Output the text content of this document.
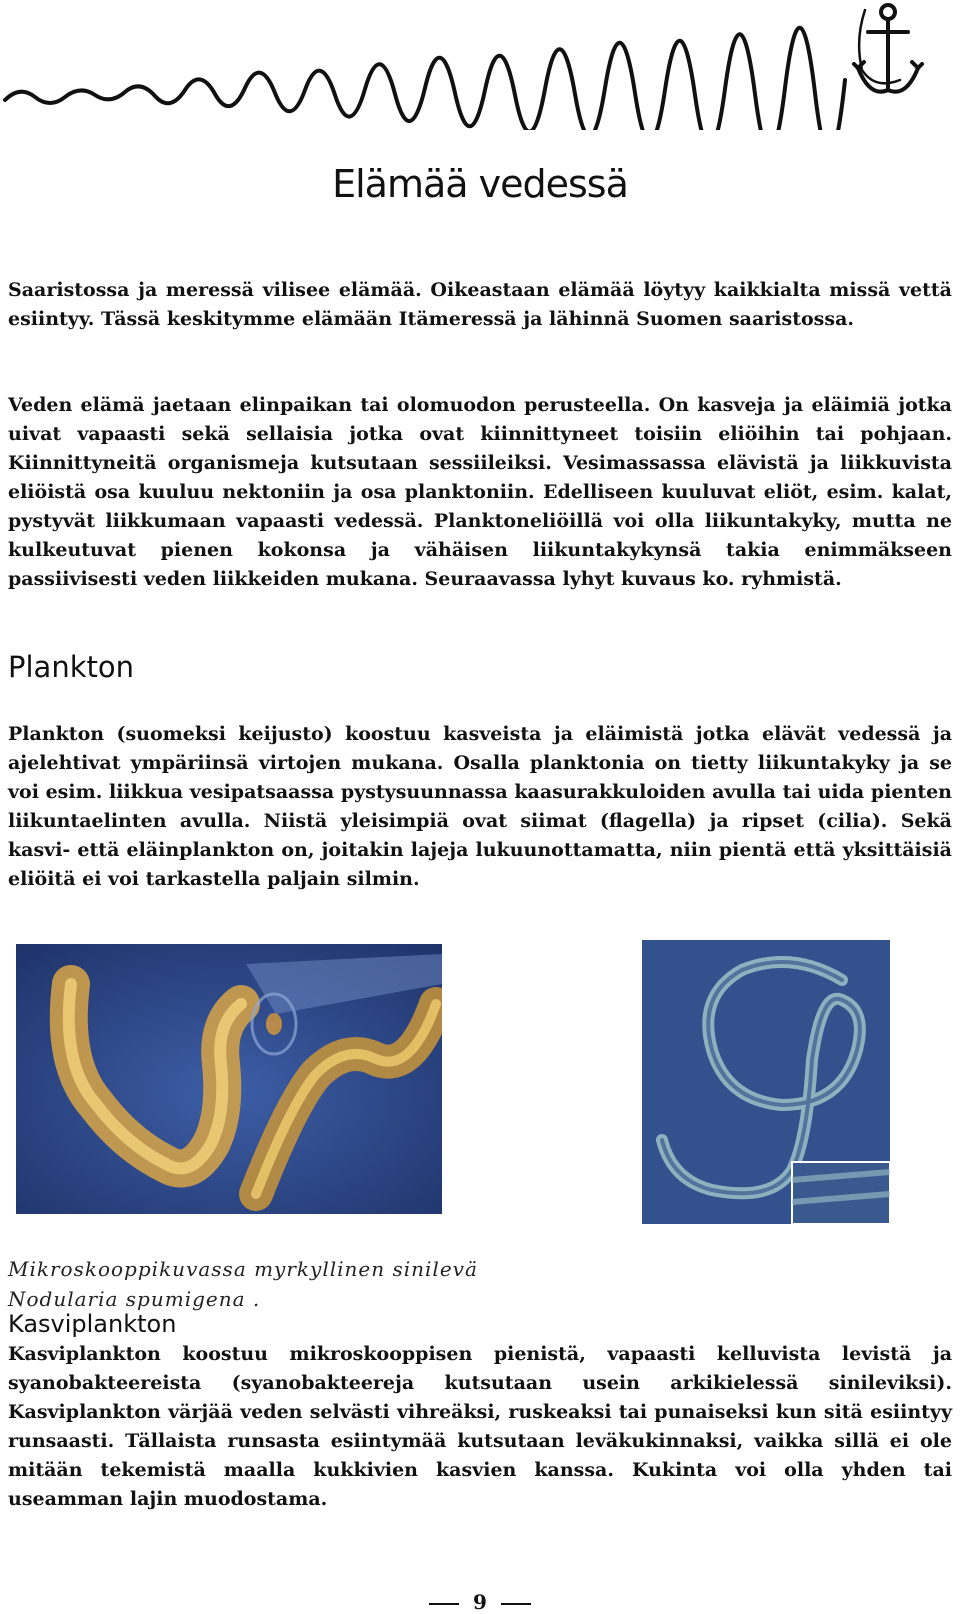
Elämää vedessä

Saaristossa ja meressä vilisee elämää. Oikeastaan elämää löytyy kaikkialta missä vettä esiintyy. Tässä keskitymme elämään Itämeressä ja lähinnä Suomen saaristossa.

Veden elämä jaetaan elinpaikan tai olomuodon perusteella. On kasveja ja eläimiä jotka uivat vapaasti sekä sellaisia jotka ovat kiinnittyneet toisiin eliöihin tai pohjaan. Kiinnittyneitä organismeja kutsutaan sessiileiksi. Vesimassassa elävistä ja liikkuvista eliöistä osa kuuluu nektoniin ja osa planktoniin. Edelliseen kuuluvat eliöt, esim. kalat, pystyvät liikkumaan vapaasti vedessä. Planktoneliöillä voi olla liikuntakyky, mutta ne kulkeutuvat pienen kokonsa ja vähäisen liikuntakykynsä takia enimmäkseen passiivisesti veden liikkeiden mukana. Seuraavassa lyhyt kuvaus ko. ryhmistä.

Plankton

Plankton (suomeksi keijusto) koostuu kasveista ja eläimistä jotka elävät vedessä ja ajelehtivat ympäriinsä virtojen mukana. Osalla planktonia on tietty liikuntakyky ja se voi esim. liikkua vesipatsaassa pystysuunnassa kaasurakkuloiden avulla tai uida pienten liikuntaelinten avulla. Niistä yleisimpiä ovat siimat (flagella) ja ripset (cilia). Sekä kasvi- että eläinplankton on, joitakin lajeja lukuunottamatta, niin pientä että yksittäisiä eliöitä ei voi tarkastella paljain silmin.

Mikroskooppikuvassa myrkyllinen sinilevä Nodularia spumigena .

Kasviplankton

Kasviplankton koostuu mikroskooppisen pienistä, vapaasti kelluvista levistä ja syanobakteereista (syanobakteereja kutsutaan usein arkikielessä sinileviksi). Kasviplankton värjää veden selvästi vihreäksi, ruskeaksi tai punaiseksi kun sitä esiintyy runsaasti. Tällaista runsasta esiintymää kutsutaan leväkukinnaksi, vaikka sillä ei ole mitään tekemistä maalla kukkivien kasvien kanssa. Kukinta voi olla yhden tai useamman lajin muodostama.

9
